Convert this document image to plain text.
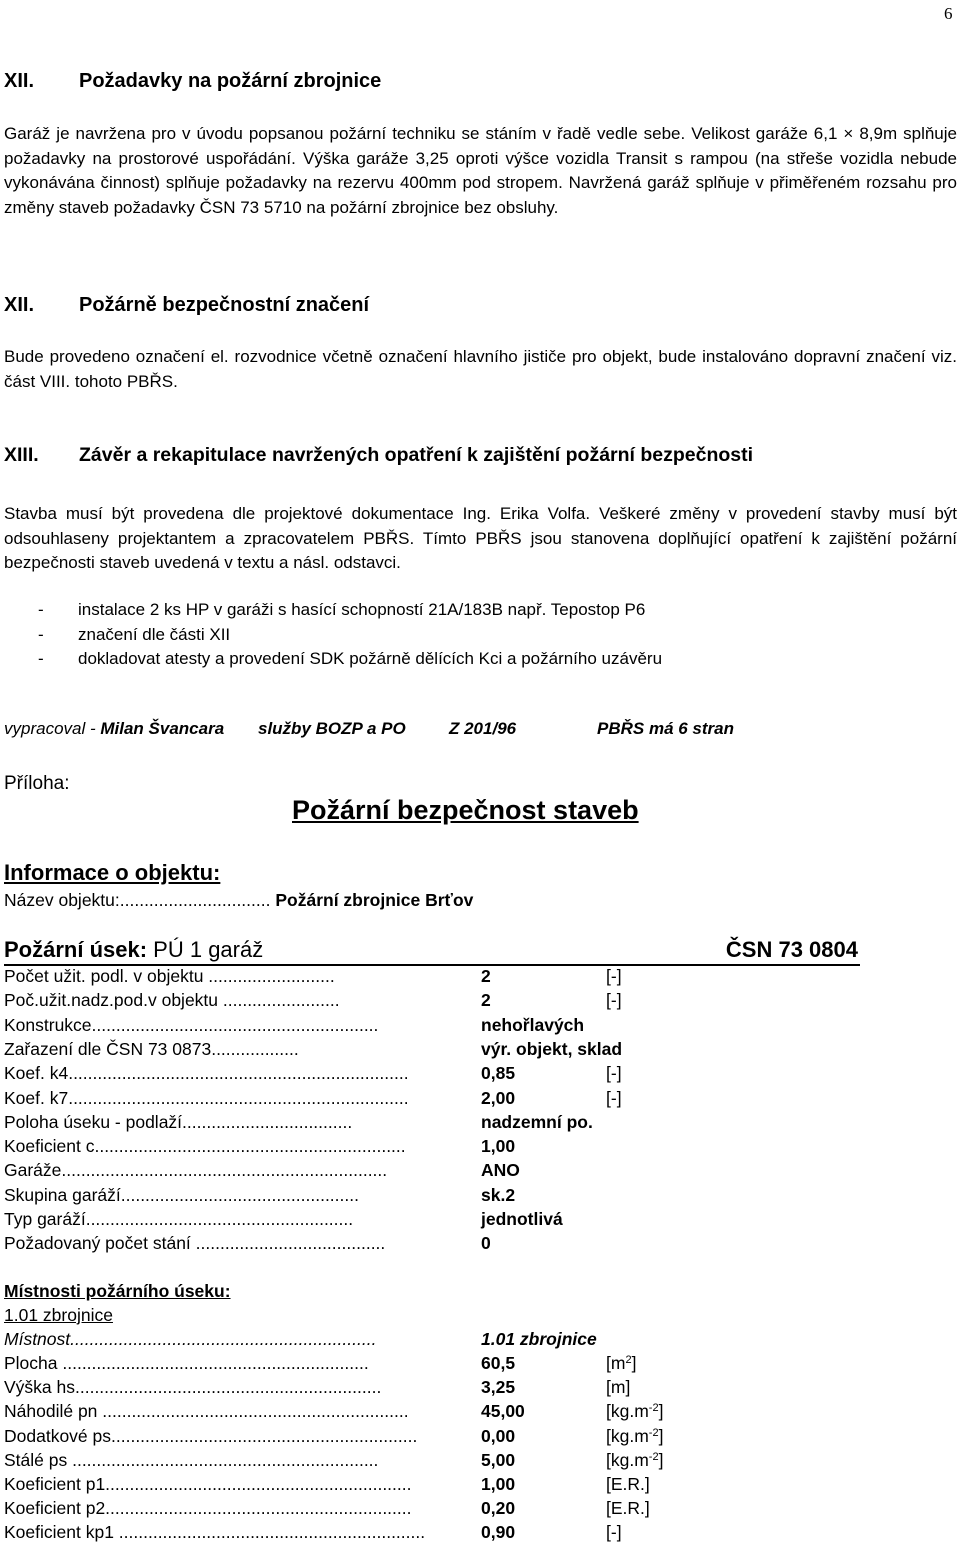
6
XII. Požadavky na požární zbrojnice
Garáž je navržena pro v úvodu popsanou požární techniku se stáním v řadě vedle sebe. Velikost garáže 6,1 × 8,9m splňuje požadavky na prostorové uspořádání. Výška garáže 3,25 oproti výšce vozidla Transit s rampou (na střeše vozidla nebude vykonávána činnost) splňuje požadavky na rezervu 400mm pod stropem. Navržená garáž splňuje v přiměřeném rozsahu pro změny staveb požadavky ČSN 73 5710 na požární zbrojnice bez obsluhy.
XII. Požárně bezpečnostní značení
Bude provedeno označení el. rozvodnice včetně označení hlavního jističe pro objekt, bude instalováno dopravní značení viz. část VIII. tohoto PBŘS.
XIII. Závěr a rekapitulace navržených opatření k zajištění požární bezpečnosti
Stavba musí být provedena dle projektové dokumentace Ing. Erika Volfa. Veškeré změny v provedení stavby musí být odsouhlaseny projektantem a zpracovatelem PBŘS. Tímto PBŘS jsou stanovena doplňující opatření k zajištění požární bezpečnosti staveb uvedená v textu a násl. odstavci.
-	instalace 2 ks HP v garáži s hasící schopností 21A/183B např. Tepostop P6
-	značení dle části XII
-	dokladovat atesty a provedení SDK požárně dělících Kci a požárního uzávěru
vypracoval - Milan Švancara služby BOZP a PO	Z 201/96	PBŘS má 6 stran
Příloha:
Požární bezpečnost staveb
Informace o objektu:
Název objektu:............................... Požární zbrojnice Brťov
Požární úsek: PÚ 1 garáž	ČSN 73 0804
Počet užit. podl. v objektu ..........................	2	[-]
Poč.užit.nadz.pod.v objektu ........................	2	[-]
Konstrukce...........................................................	nehořlavých
Zařazení dle ČSN 73 0873..................	výr. objekt, sklad
Koef. k4......................................................................	0,85	[-]
Koef. k7......................................................................	2,00	[-]
Poloha úseku - podlaží...................................	nadzemní po.
Koeficient c................................................................	1,00
Garáže...................................................................	ANO
Skupina garáží.................................................	sk.2
Typ garáží.......................................................	jednotlivá
Požadovaný počet stání .......................................	0
Místnosti požárního úseku:
1.01 zbrojnice
Místnost...............................................................	1.01 zbrojnice
Plocha ...............................................................	60,5	$[m^2]$
Výška hs...............................................................	3,25	[m]
Náhodilé pn ...............................................................	45,00	$[kg.m^{-2}]$
Dodatkové ps...............................................................	0,00	$[kg.m^{-2}]$
Stálé ps ...............................................................	5,00	$[kg.m^{-2}]$
Koeficient p1...............................................................	1,00	[E.R.]
Koeficient p2...............................................................	0,20	[E.R.]
Koeficient kp1 ...............................................................	0,90	[-]
